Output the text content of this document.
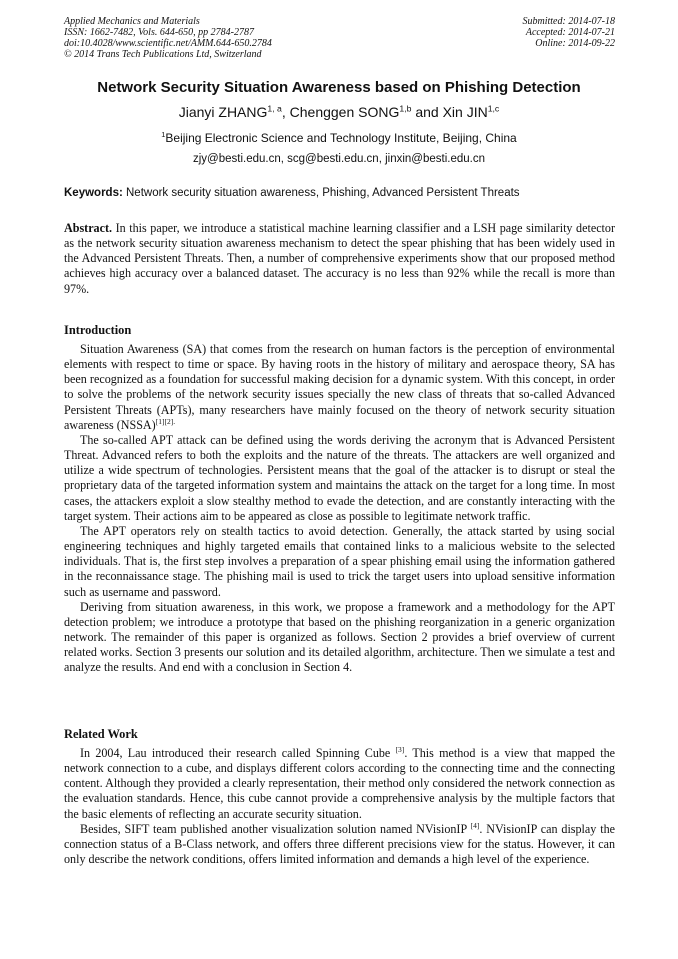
Applied Mechanics and Materials
ISSN: 1662-7482, Vols. 644-650, pp 2784-2787
doi:10.4028/www.scientific.net/AMM.644-650.2784
© 2014 Trans Tech Publications Ltd, Switzerland
Submitted: 2014-07-18
Accepted: 2014-07-21
Online: 2014-09-22
Network Security Situation Awareness based on Phishing Detection
Jianyi ZHANG$^{1, a}$, Chenggen SONG$^{1,b}$ and Xin JIN$^{1,c}$
$^1$Beijing Electronic Science and Technology Institute, Beijing, China
zjy@besti.edu.cn, scg@besti.edu.cn, jinxin@besti.edu.cn
Keywords: Network security situation awareness, Phishing, Advanced Persistent Threats

Abstract. In this paper, we introduce a statistical machine learning classifier and a LSH page similarity detector as the network security situation awareness mechanism to detect the spear phishing that has been widely used in the Advanced Persistent Threats. Then, a number of comprehensive experiments show that our proposed method achieves high accuracy over a balanced dataset. The accuracy is no less than 92% while the recall is more than 97%.

Introduction

Situation Awareness (SA) that comes from the research on human factors is the perception of environmental elements with respect to time or space. By having roots in the history of military and aerospace theory, SA has been recognized as a foundation for successful making decision for a dynamic system. With this concept, in order to solve the problems of the network security issues specially the new class of threats that so-called Advanced Persistent Threats (APTs), many researchers have mainly focused on the theory of network security situation awareness (NSSA)$^{[1][2].}$

The so-called APT attack can be defined using the words deriving the acronym that is Advanced Persistent Threat. Advanced refers to both the exploits and the nature of the threats. The attackers are well organized and utilize a wide spectrum of technologies. Persistent means that the goal of the attacker is to disrupt or steal the proprietary data of the targeted information system and maintains the attack on the target for a long time. In most cases, the attackers exploit a slow stealthy method to evade the detection, and are constantly interacting with the target system. Their actions aim to be appeared as close as possible to legitimate network traffic.

The APT operators rely on stealth tactics to avoid detection. Generally, the attack started by using social engineering techniques and highly targeted emails that contained links to a malicious website to the selected individuals. That is, the first step involves a preparation of a spear phishing email using the information gathered in the reconnaissance stage. The phishing mail is used to trick the target users into upload sensitive information such as username and password.

Deriving from situation awareness, in this work, we propose a framework and a methodology for the APT detection problem; we introduce a prototype that based on the phishing reorganization in a generic organization network. The remainder of this paper is organized as follows. Section 2 provides a brief overview of current related works. Section 3 presents our solution and its detailed algorithm, architecture. Then we simulate a test and analyze the results. And end with a conclusion in Section 4.

Related Work

In 2004, Lau introduced their research called Spinning Cube [3]. This method is a view that mapped the network connection to a cube, and displays different colors according to the connecting time and the connecting content. Although they provided a clearly representation, their method only considered the network connection as the evaluation standards. Hence, this cube cannot provide a comprehensive analysis by the multiple factors that the basic elements of reflecting an accurate security situation.

Besides, SIFT team published another visualization solution named NVisionIP [4]. NVisionIP can display the connection status of a B-Class network, and offers three different precisions view for the status. However, it can only describe the network conditions, offers limited information and demands a high level of the experience.
